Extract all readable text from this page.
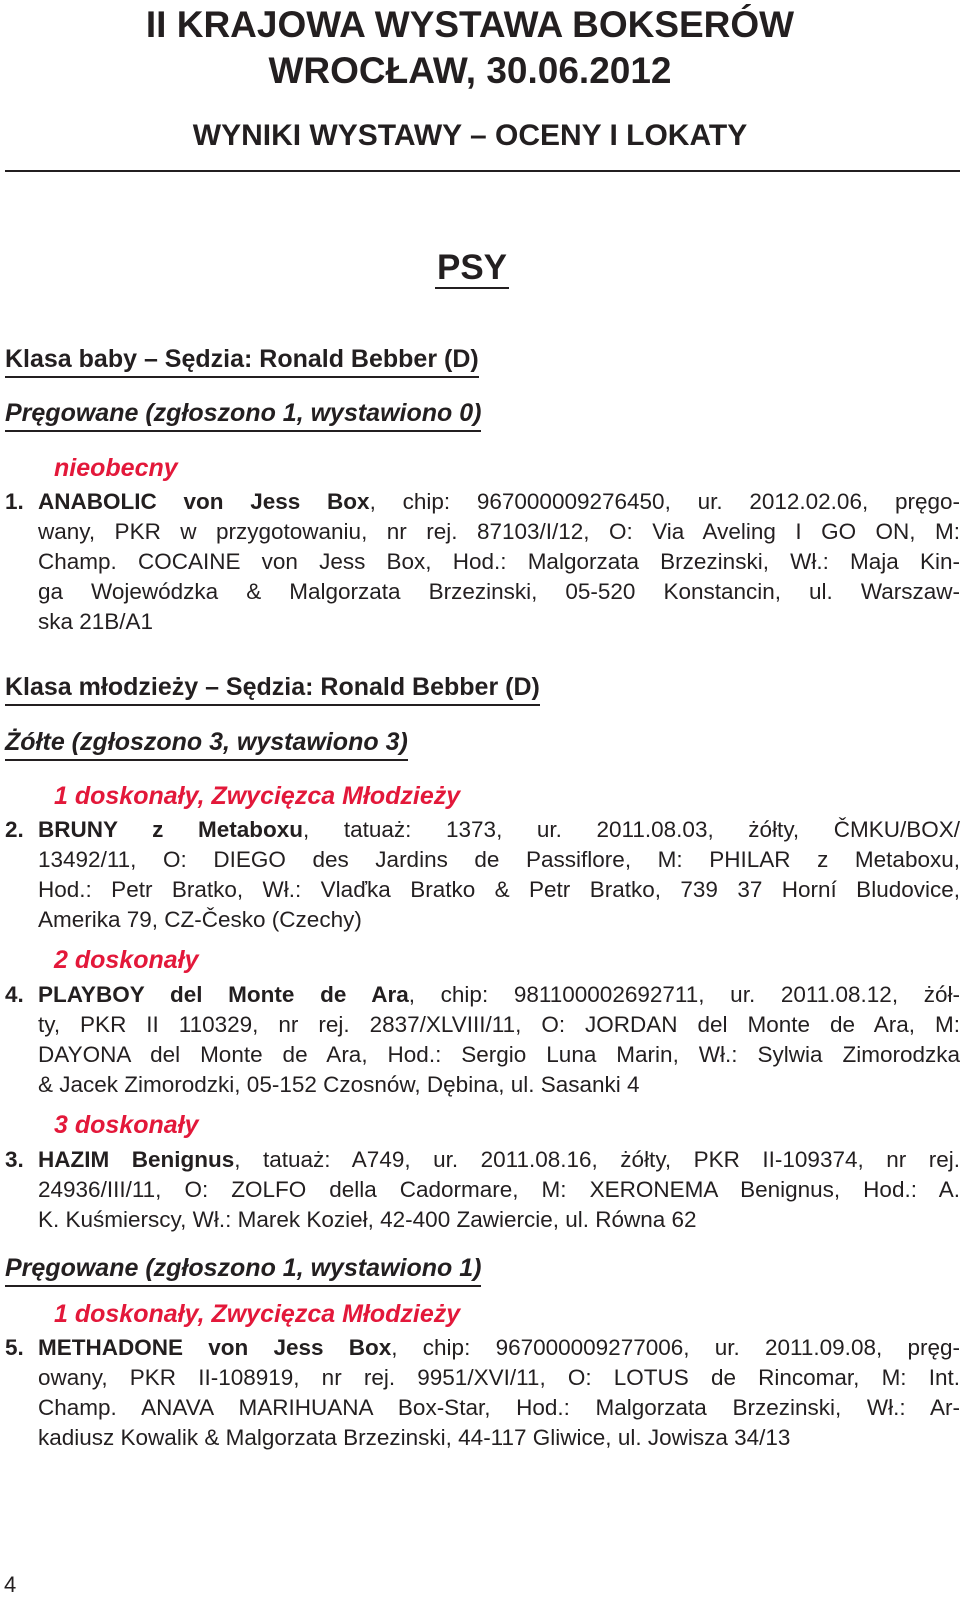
II KRAJOWA WYSTAWA BOKSERÓW
WROCŁAW, 30.06.2012
WYNIKI WYSTAWY – OCENY I LOKATY
PSY
Klasa baby – Sędzia: Ronald Bebber (D)
Pręgowane (zgłoszono 1, wystawiono 0)
nieobecny
1. ANABOLIC von Jess Box, chip: 967000009276450, ur. 2012.02.06, pręgo-
wany, PKR w przygotowaniu, nr rej. 87103/I/12, O: Via Aveling I GO ON, M:
Champ. COCAINE von Jess Box, Hod.: Malgorzata Brzezinski, Wł.: Maja Kin-
ga Wojewódzka & Malgorzata Brzezinski, 05-520 Konstancin, ul. Warszaw-
ska 21B/A1
Klasa młodzieży – Sędzia: Ronald Bebber (D)
Żółte (zgłoszono 3, wystawiono 3)
1 doskonały, Zwycięzca Młodzieży
2. BRUNY z Metaboxu, tatuaż: 1373, ur. 2011.08.03, żółty, ČMKU/BOX/
13492/11, O: DIEGO des Jardins de Passiflore, M: PHILAR z Metaboxu,
Hod.: Petr Bratko, Wł.: Vlaďka Bratko & Petr Bratko, 739 37 Horní Bludovice,
Amerika 79, CZ-Česko (Czechy)
2 doskonały
4. PLAYBOY del Monte de Ara, chip: 981100002692711, ur. 2011.08.12, żół-
ty, PKR II 110329, nr rej. 2837/XLVIII/11, O: JORDAN del Monte de Ara, M:
DAYONA del Monte de Ara, Hod.: Sergio Luna Marin, Wł.: Sylwia Zimorodzka
& Jacek Zimorodzki, 05-152 Czosnów, Dębina, ul. Sasanki 4
3 doskonały
3. HAZIM Benignus, tatuaż: A749, ur. 2011.08.16, żółty, PKR II-109374, nr rej.
24936/III/11, O: ZOLFO della Cadormare, M: XERONEMA Benignus, Hod.: A.
K. Kuśmierscy, Wł.: Marek Kozieł, 42-400 Zawiercie, ul. Równa 62
Pręgowane (zgłoszono 1, wystawiono 1)
1 doskonały, Zwycięzca Młodzieży
5. METHADONE von Jess Box, chip: 967000009277006, ur. 2011.09.08, pręg-
owany, PKR II-108919, nr rej. 9951/XVI/11, O: LOTUS de Rincomar, M: Int.
Champ. ANAVA MARIHUANA Box-Star, Hod.: Malgorzata Brzezinski, Wł.: Ar-
kadiusz Kowalik & Malgorzata Brzezinski, 44-117 Gliwice, ul. Jowisza 34/13
4
